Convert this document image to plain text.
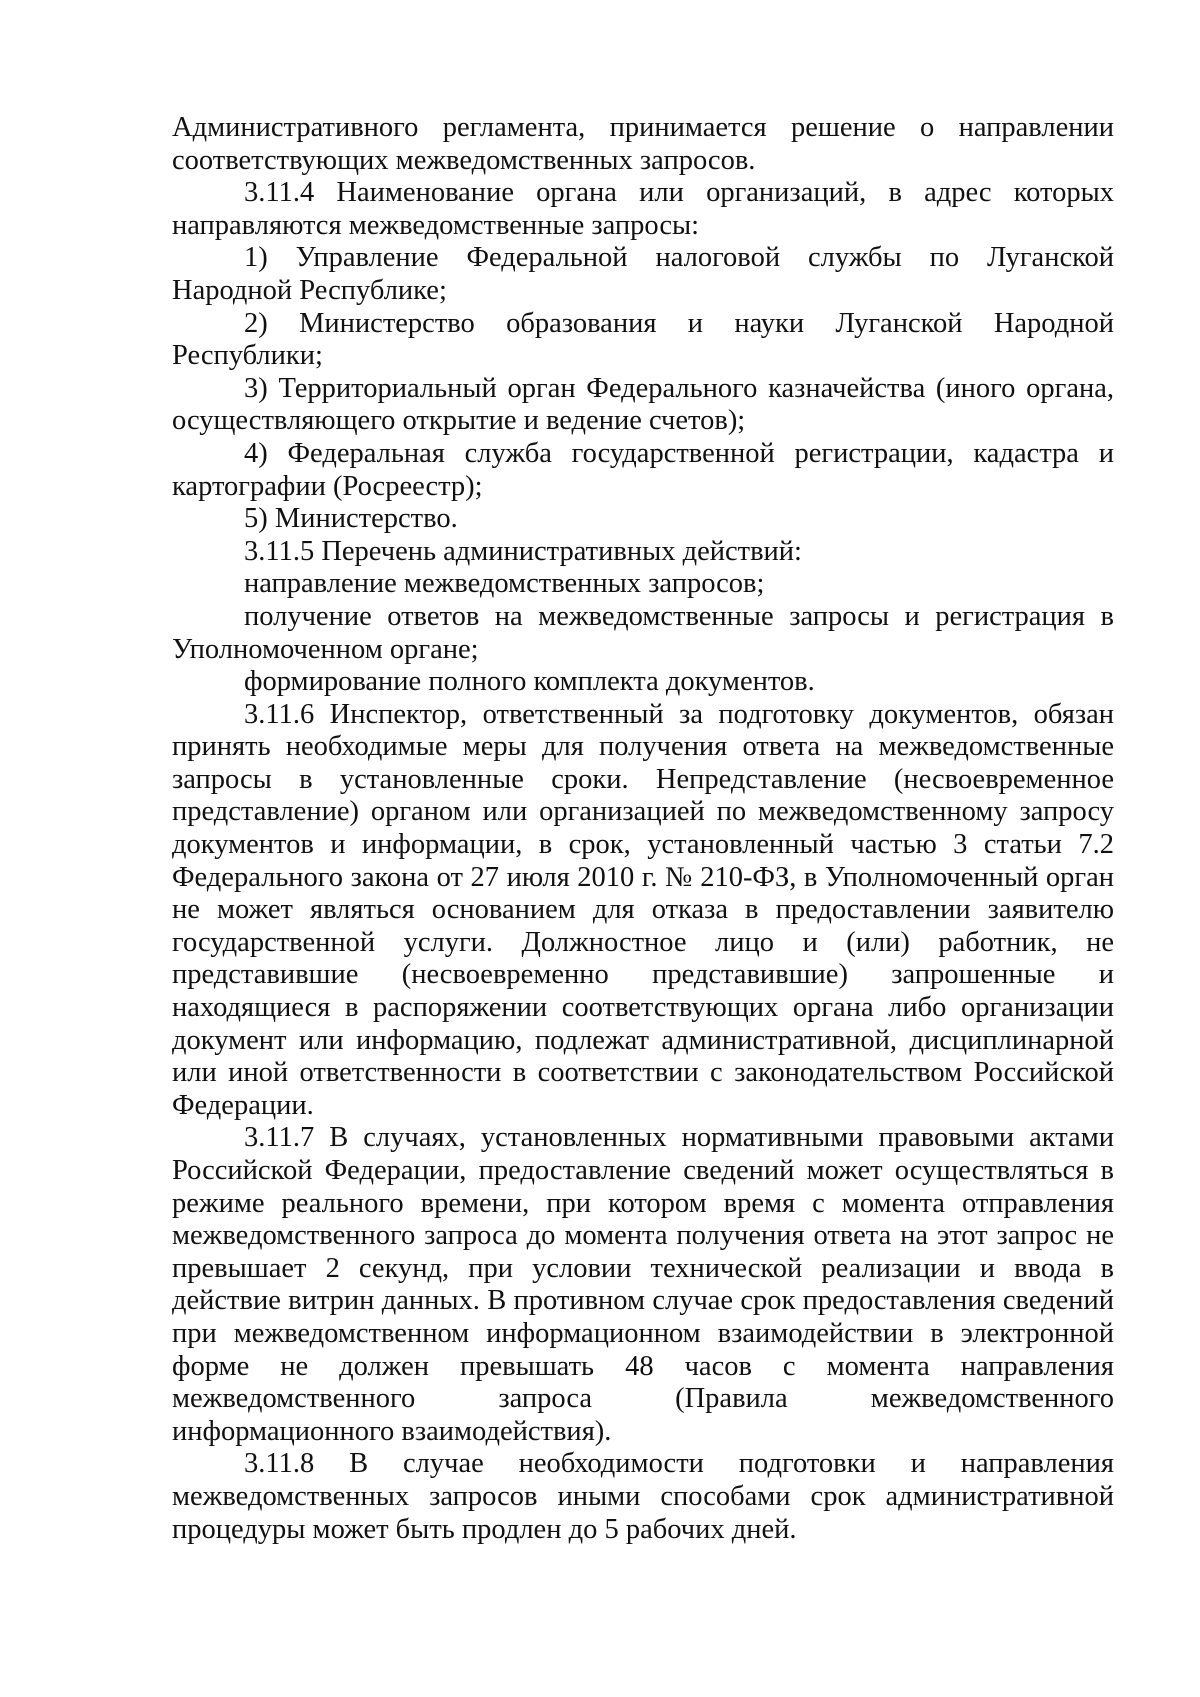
Административного регламента, принимается решение о направлении соответствующих межведомственных запросов.

3.11.4 Наименование органа или организаций, в адрес которых направляются межведомственные запросы:

1) Управление Федеральной налоговой службы по Луганской Народной Республике;

2) Министерство образования и науки Луганской Народной Республики;

3) Территориальный орган Федерального казначейства (иного органа, осуществляющего открытие и ведение счетов);

4) Федеральная служба государственной регистрации, кадастра и картографии (Росреестр);

5) Министерство.

3.11.5 Перечень административных действий:

направление межведомственных запросов;

получение ответов на межведомственные запросы и регистрация в Уполномоченном органе;

формирование полного комплекта документов.

3.11.6 Инспектор, ответственный за подготовку документов, обязан принять необходимые меры для получения ответа на межведомственные запросы в установленные сроки. Непредставление (несвоевременное представление) органом или организацией по межведомственному запросу документов и информации, в срок, установленный частью 3 статьи 7.2 Федерального закона от 27 июля 2010 г. № 210-ФЗ, в Уполномоченный орган не может являться основанием для отказа в предоставлении заявителю государственной услуги. Должностное лицо и (или) работник, не представившие (несвоевременно представившие) запрошенные и находящиеся в распоряжении соответствующих органа либо организации документ или информацию, подлежат административной, дисциплинарной или иной ответственности в соответствии с законодательством Российской Федерации.

3.11.7 В случаях, установленных нормативными правовыми актами Российской Федерации, предоставление сведений может осуществляться в режиме реального времени, при котором время с момента отправления межведомственного запроса до момента получения ответа на этот запрос не превышает 2 секунд, при условии технической реализации и ввода в действие витрин данных. В противном случае срок предоставления сведений при межведомственном информационном взаимодействии в электронной форме не должен превышать 48 часов с момента направления межведомственного запроса (Правила межведомственного информационного взаимодействия).

3.11.8 В случае необходимости подготовки и направления межведомственных запросов иными способами срок административной процедуры может быть продлен до 5 рабочих дней.
